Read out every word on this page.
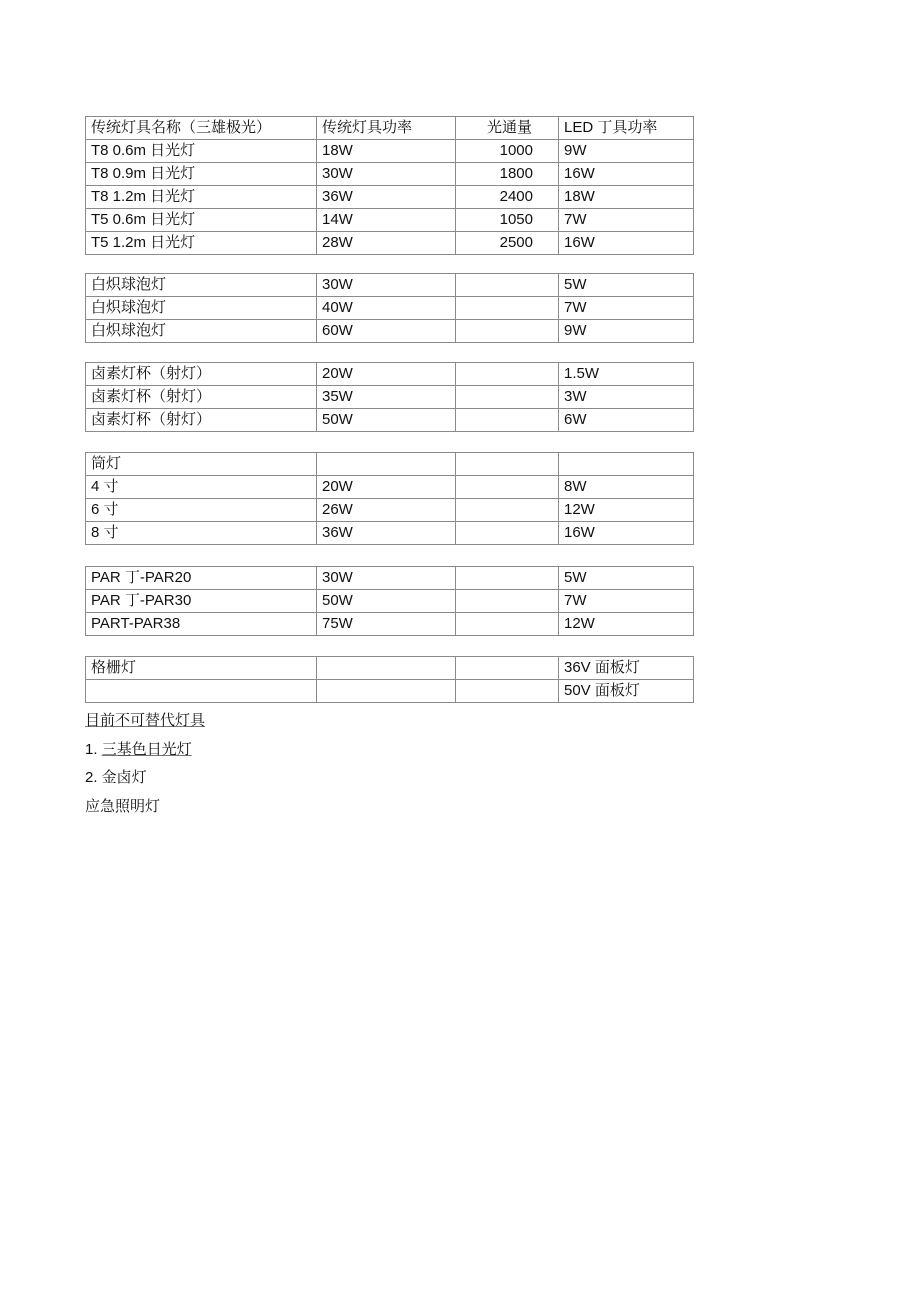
传统灯具名称（三雄极光）	传统灯具功率	光通量	LED 丁具功率
T8 0.6m 日光灯	18W	1000	9W
T8 0.9m 日光灯	30W	1800	16W
T8 1.2m 日光灯	36W	2400	18W
T5 0.6m 日光灯	14W	1050	7W
T5 1.2m 日光灯	28W	2500	16W
白炽球泡灯	30W		5W
白炽球泡灯	40W		7W
白炽球泡灯	60W		9W
卤素灯杯（射灯）	20W		1.5W
卤素灯杯（射灯）	35W		3W
卤素灯杯（射灯）	50W		6W
筒灯			
4 寸	20W		8W
6 寸	26W		12W
8 寸	36W		16W
PAR 丁-PAR20	30W		5W
PAR 丁-PAR30	50W		7W
PART-PAR38	75W		12W
格栅灯			36V 面板灯
			50V 面板灯
目前不可替代灯具
1. 三基色日光灯
2. 金卤灯
应急照明灯
